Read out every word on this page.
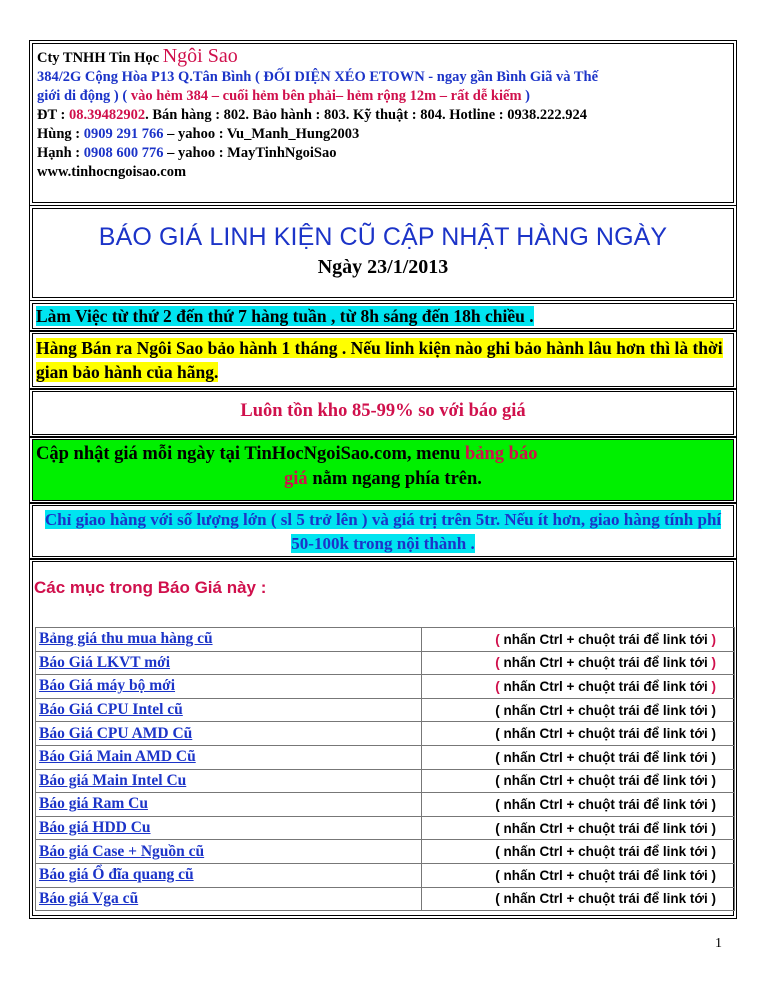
Cty TNHH Tin Học Ngôi Sao
384/2G Cộng Hòa P13 Q.Tân Bình ( ĐỐI DIỆN XÉO ETOWN - ngay gần Bình Giã và Thế
giới di động ) ( vào hẻm 384 – cuối hẻm bên phải– hẻm rộng 12m – rất dễ kiếm )
ĐT : 08.39482902. Bán hàng : 802. Bảo hành : 803. Kỹ thuật : 804. Hotline : 0938.222.924
Hùng : 0909 291 766 – yahoo : Vu_Manh_Hung2003
Hạnh : 0908 600 776 – yahoo : MayTinhNgoiSao
www.tinhocngoisao.com
BÁO GIÁ LINH KIỆN CŨ CẬP NHẬT HÀNG NGÀY
Ngày 23/1/2013
Làm Việc từ thứ 2 đến thứ 7 hàng tuần , từ 8h sáng đến 18h chiều .
Hàng Bán ra Ngôi Sao bảo hành 1 tháng . Nếu linh kiện nào ghi bảo hành lâu hơn thì là thời gian bảo hành của hãng.
Luôn tồn kho 85-99% so với báo giá
Cập nhật giá mỗi ngày tại TinHocNgoiSao.com, menu bảng báo
giá nằm ngang phía trên.
Chỉ giao hàng với số lượng lớn ( sl 5 trở lên ) và giá trị trên 5tr. Nếu ít hơn, giao hàng tính phí 50-100k trong nội thành .
Các mục trong Báo Giá này :
Bảng giá thu mua hàng cũ	( nhấn Ctrl + chuột trái để link tới )
Báo Giá LKVT mới	( nhấn Ctrl + chuột trái để link tới )
Báo Giá máy bộ mới	( nhấn Ctrl + chuột trái để link tới )
Báo Giá CPU Intel cũ	( nhấn Ctrl + chuột trái để link tới )
Báo Giá CPU AMD Cũ	( nhấn Ctrl + chuột trái để link tới )
Báo Giá Main AMD Cũ	( nhấn Ctrl + chuột trái để link tới )
Báo giá Main Intel Cu	( nhấn Ctrl + chuột trái để link tới )
Báo giá Ram Cu	( nhấn Ctrl + chuột trái để link tới )
Báo giá HDD Cu	( nhấn Ctrl + chuột trái để link tới )
Báo giá Case + Nguồn cũ	( nhấn Ctrl + chuột trái để link tới )
Báo giá Ổ đĩa quang cũ	( nhấn Ctrl + chuột trái để link tới )
Báo giá Vga cũ	( nhấn Ctrl + chuột trái để link tới )
1
